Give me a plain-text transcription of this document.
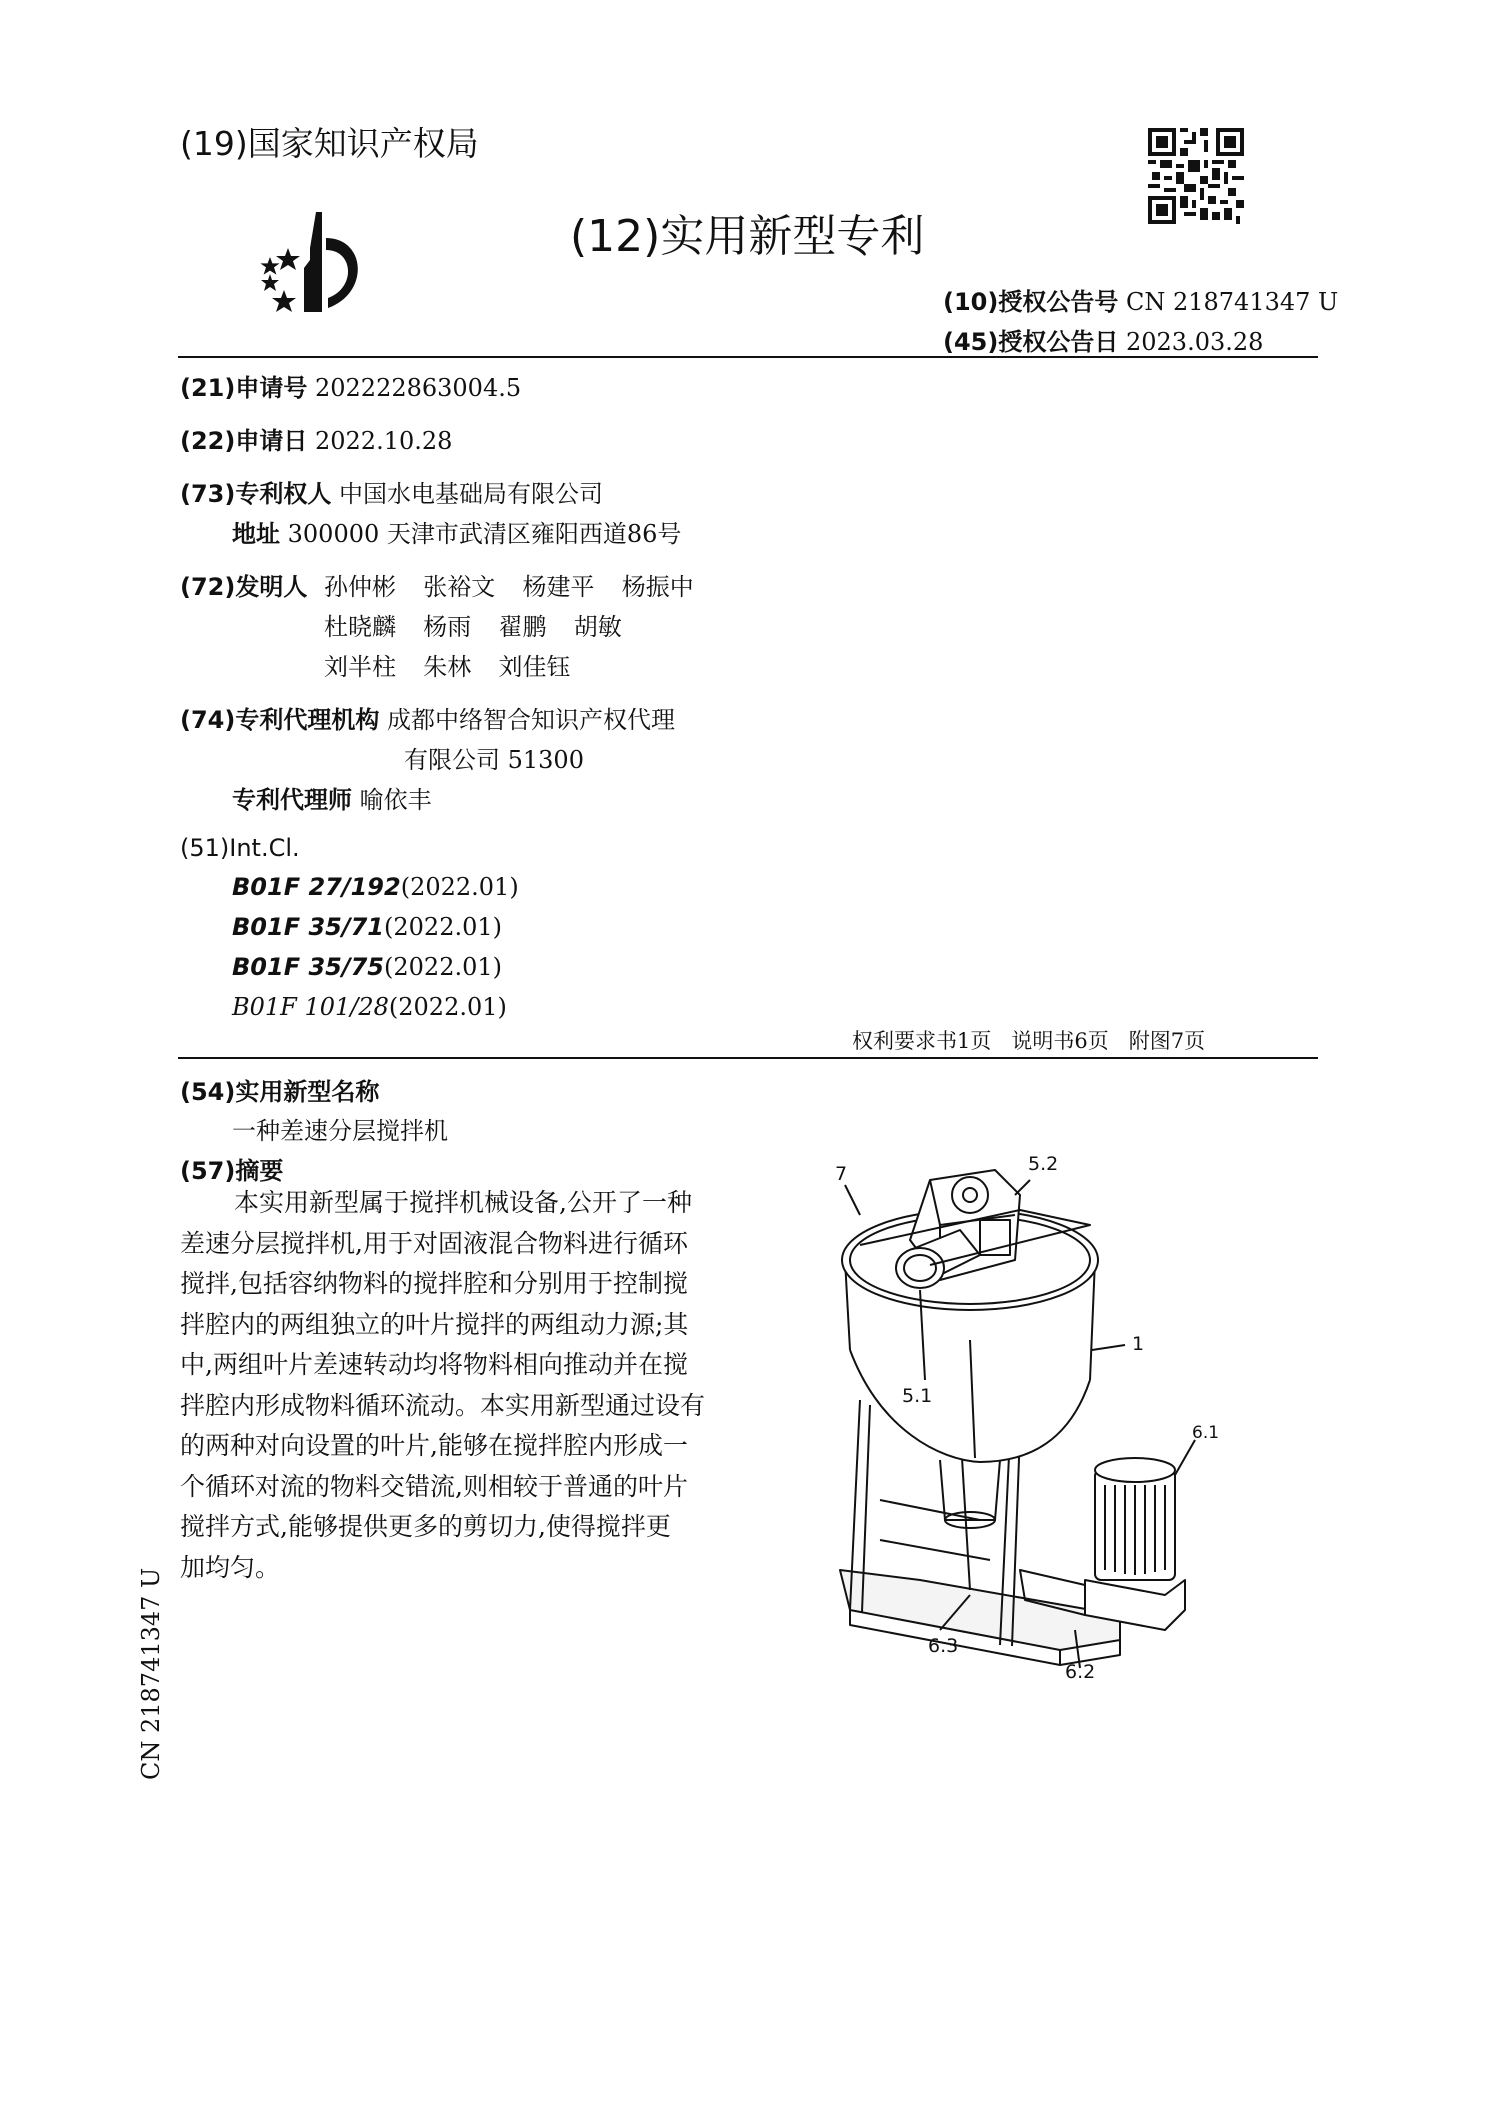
(19)国家知识产权局
(12)实用新型专利
(10)授权公告号 CN 218741347 U
(45)授权公告日 2023.03.28
(21)申请号 202222863004.5
(22)申请日 2022.10.28
(73)专利权人 中国水电基础局有限公司
地址 300000 天津市武清区雍阳西道86号
(72)发明人 孙仲彬  张裕文  杨建平  杨振中
杜晓麟  杨雨  翟鹏  胡敏
刘半柱  朱林  刘佳钰
(74)专利代理机构 成都中络智合知识产权代理
有限公司 51300
专利代理师 喻依丰
(51)Int.Cl.
B01F 27/192(2022.01)
B01F 35/71(2022.01)
B01F 35/75(2022.01)
B01F 101/28(2022.01)
权利要求书1页   说明书6页   附图7页
(54)实用新型名称
一种差速分层搅拌机
(57)摘要
本实用新型属于搅拌机械设备,公开了一种
差速分层搅拌机,用于对固液混合物料进行循环
搅拌,包括容纳物料的搅拌腔和分别用于控制搅
拌腔内的两组独立的叶片搅拌的两组动力源;其
中,两组叶片差速转动均将物料相向推动并在搅
拌腔内形成物料循环流动。本实用新型通过设有
的两种对向设置的叶片,能够在搅拌腔内形成一
个循环对流的物料交错流,则相较于普通的叶片
搅拌方式,能够提供更多的剪切力,使得搅拌更
加均匀。
5.2
7
1
5.1
6.1
6.3
6.2
CN 218741347 U
